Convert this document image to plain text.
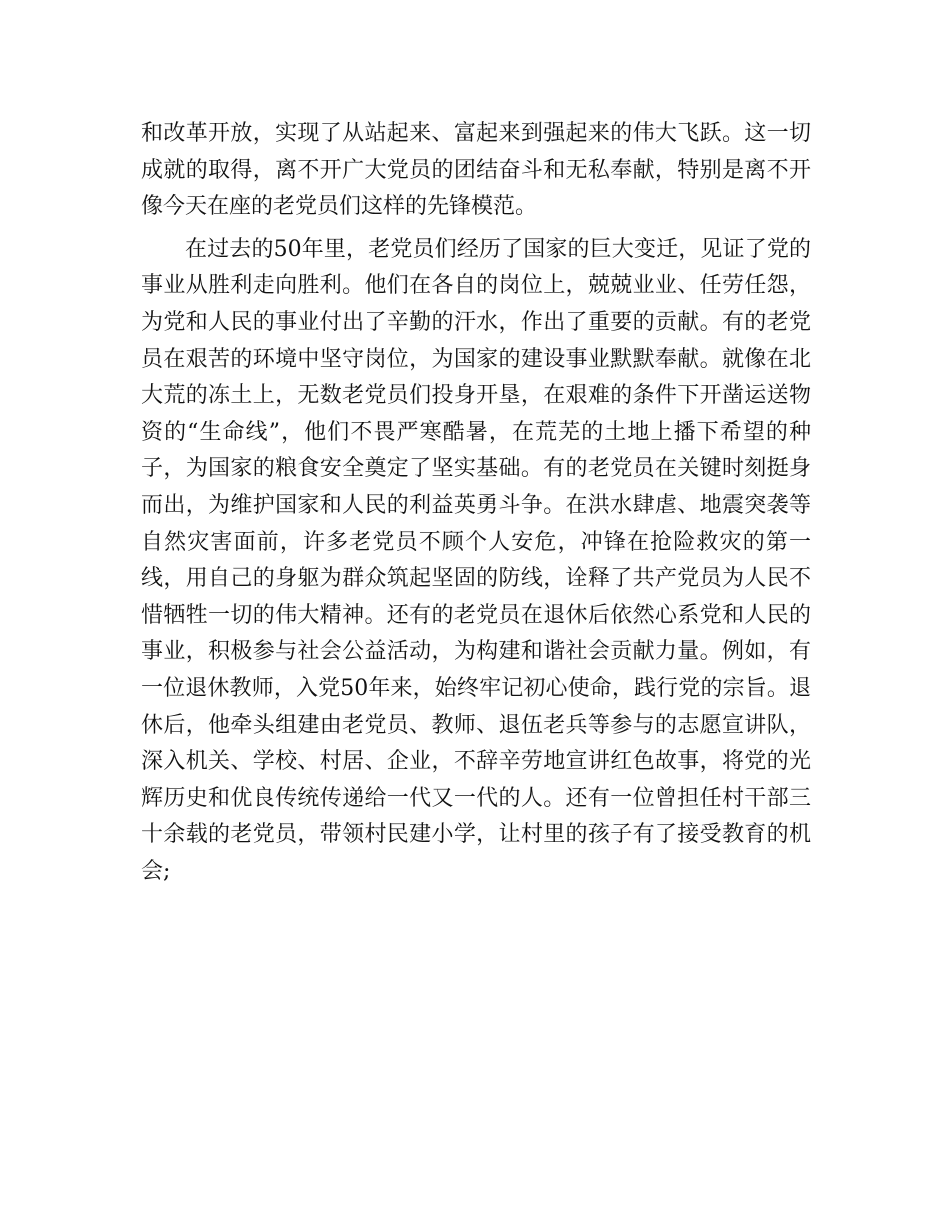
和改革开放，实现了从站起来、富起来到强起来的伟大飞跃。这一切成就的取得，离不开广大党员的团结奋斗和无私奉献，特别是离不开像今天在座的老党员们这样的先锋模范。

在过去的50年里，老党员们经历了国家的巨大变迁，见证了党的事业从胜利走向胜利。他们在各自的岗位上，兢兢业业、任劳任怨，为党和人民的事业付出了辛勤的汗水，作出了重要的贡献。有的老党员在艰苦的环境中坚守岗位，为国家的建设事业默默奉献。就像在北大荒的冻土上，无数老党员们投身开垦，在艰难的条件下开凿运送物资的“生命线”，他们不畏严寒酷暑，在荒芜的土地上播下希望的种子，为国家的粮食安全奠定了坚实基础。有的老党员在关键时刻挺身而出，为维护国家和人民的利益英勇斗争。在洪水肆虐、地震突袭等自然灾害面前，许多老党员不顾个人安危，冲锋在抢险救灾的第一线，用自己的身躯为群众筑起坚固的防线，诠释了共产党员为人民不惜牺牲一切的伟大精神。还有的老党员在退休后依然心系党和人民的事业，积极参与社会公益活动，为构建和谐社会贡献力量。例如，有一位退休教师，入党50年来，始终牢记初心使命，践行党的宗旨。退休后，他牵头组建由老党员、教师、退伍老兵等参与的志愿宣讲队，深入机关、学校、村居、企业，不辞辛劳地宣讲红色故事，将党的光辉历史和优良传统传递给一代又一代的人。还有一位曾担任村干部三十余载的老党员，带领村民建小学，让村里的孩子有了接受教育的机会;
